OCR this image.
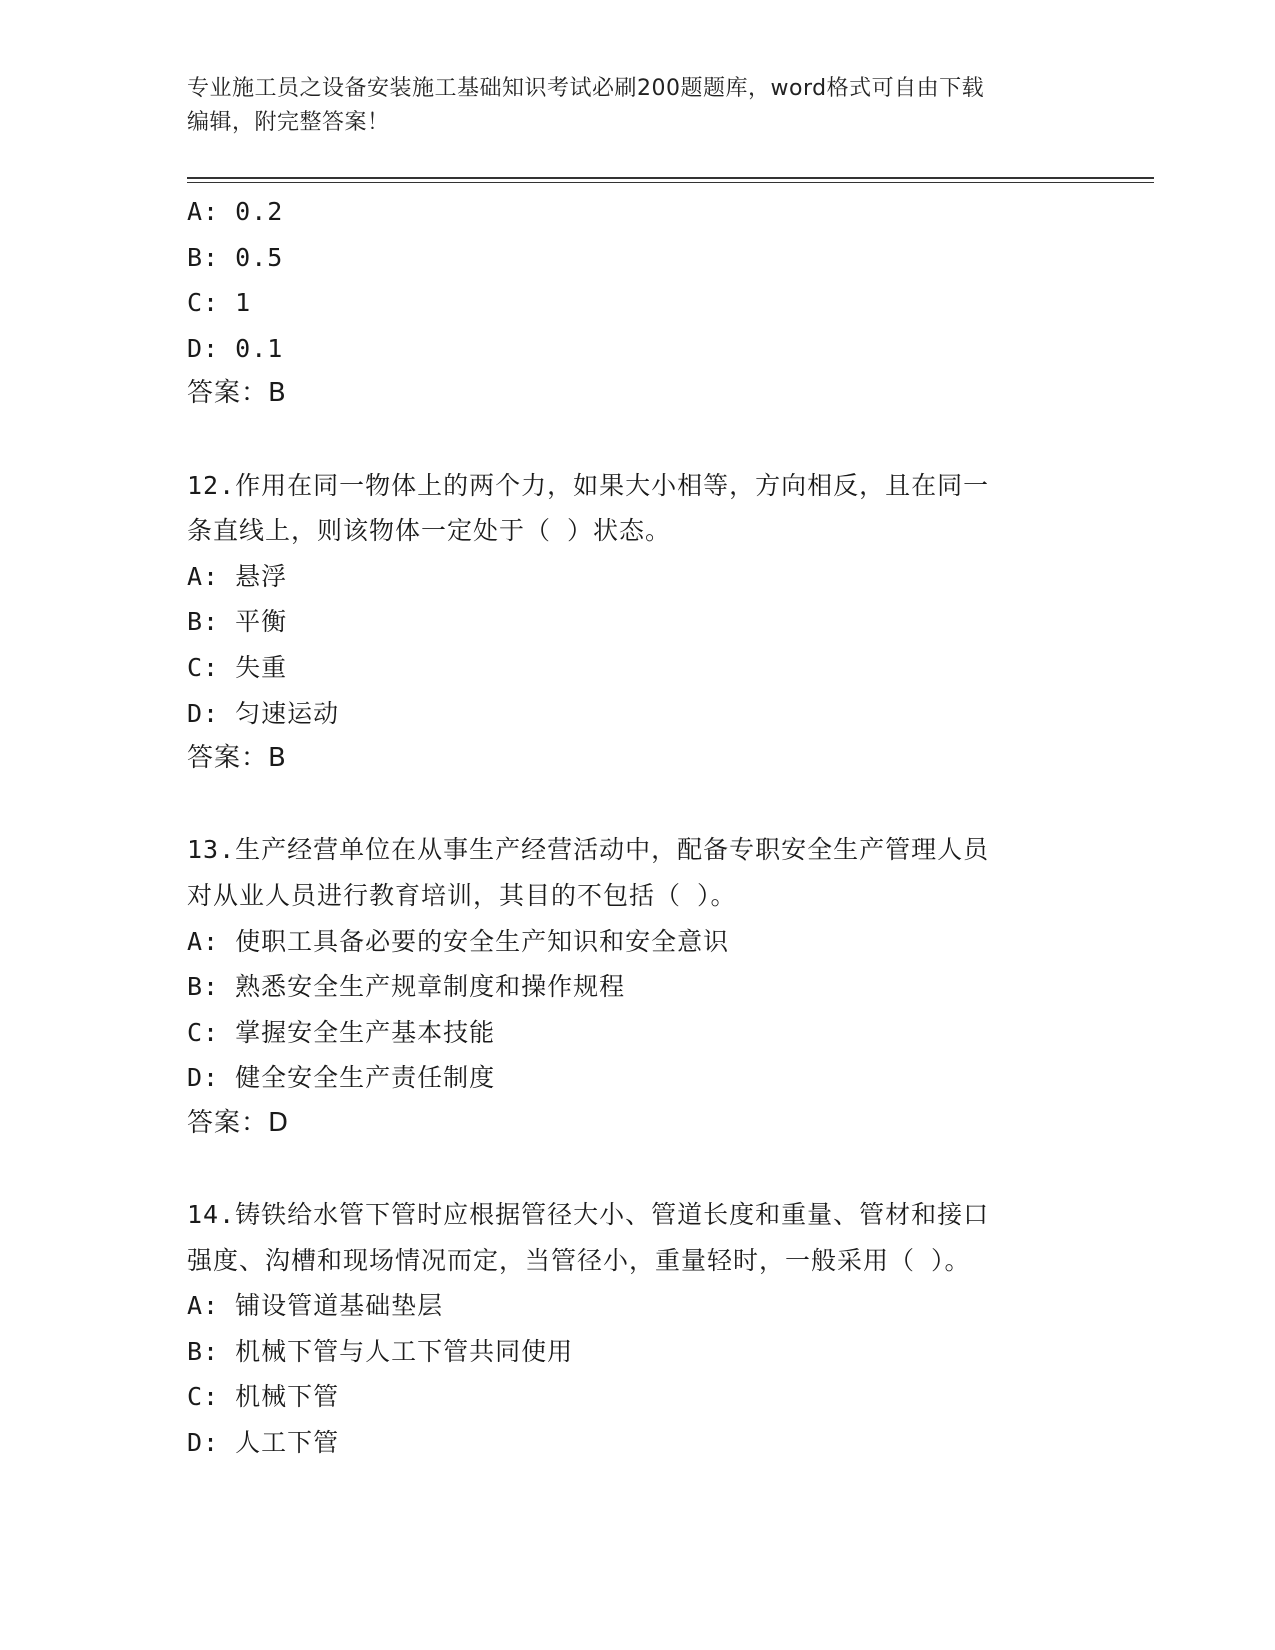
专业施工员之设备安装施工基础知识考试必刷200题题库，word格式可自由下载
编辑，附完整答案！
A: 0.2
B: 0.5
C: 1
D: 0.1
答案：B
12.作用在同一物体上的两个力，如果大小相等，方向相反，且在同一
条直线上，则该物体一定处于（ ）状态。
A: 悬浮
B: 平衡
C: 失重
D: 匀速运动
答案：B
13.生产经营单位在从事生产经营活动中，配备专职安全生产管理人员
对从业人员进行教育培训，其目的不包括（ ）。
A: 使职工具备必要的安全生产知识和安全意识
B: 熟悉安全生产规章制度和操作规程
C: 掌握安全生产基本技能
D: 健全安全生产责任制度
答案：D
14.铸铁给水管下管时应根据管径大小、管道长度和重量、管材和接口
强度、沟槽和现场情况而定，当管径小，重量轻时，一般采用（ ）。
A: 铺设管道基础垫层
B: 机械下管与人工下管共同使用
C: 机械下管
D: 人工下管
